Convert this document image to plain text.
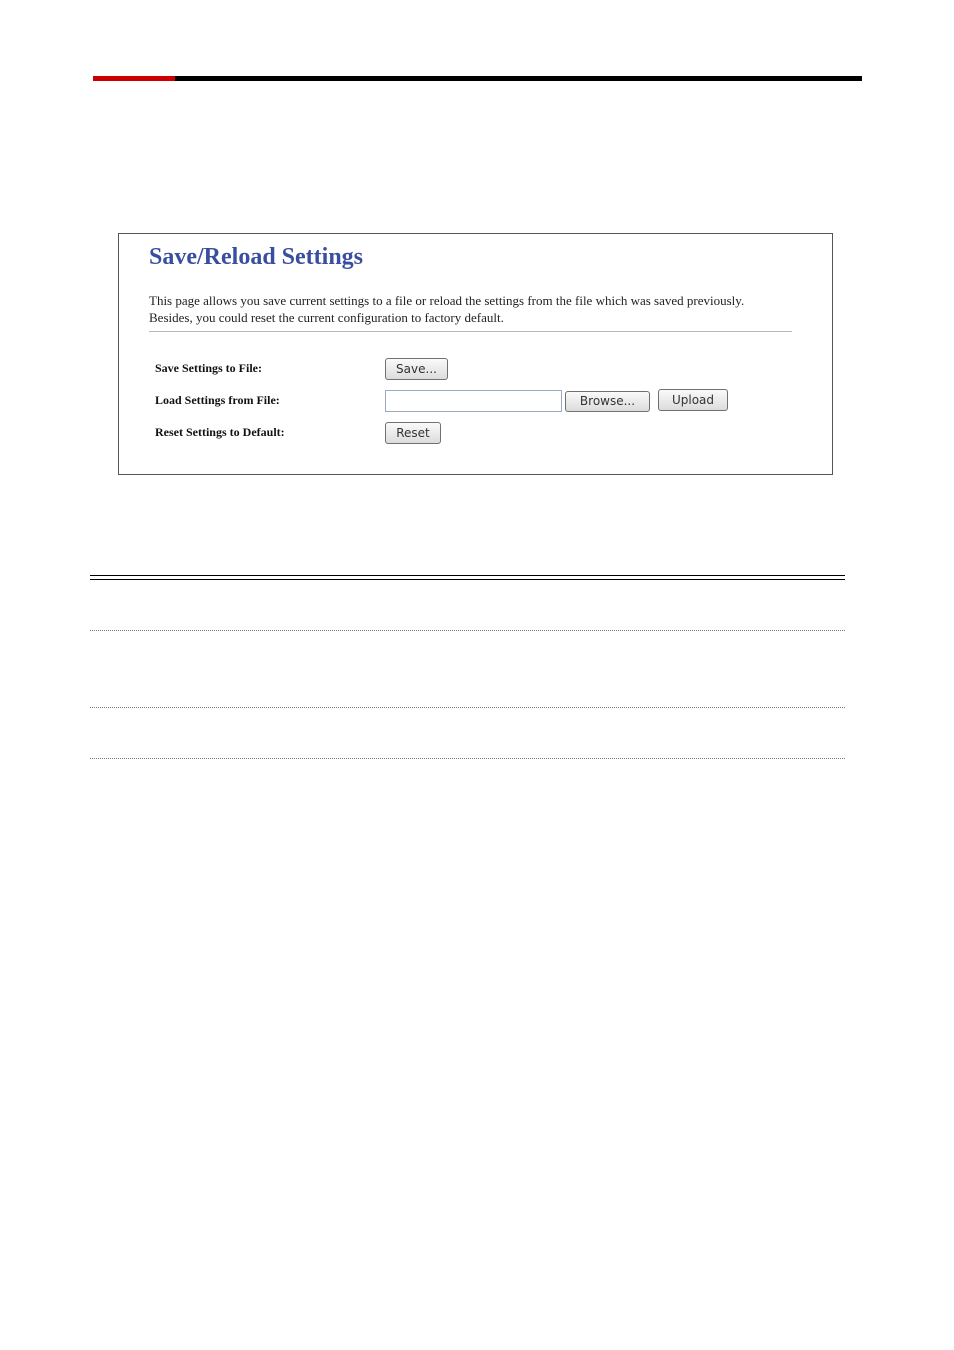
Save/Reload Settings

This page allows you save current settings to a file or reload the settings from the file which was saved previously. Besides, you could reset the current configuration to factory default.

Save Settings to File:	Save...
Load Settings from File:	Browse...	Upload
Reset Settings to Default:	Reset
